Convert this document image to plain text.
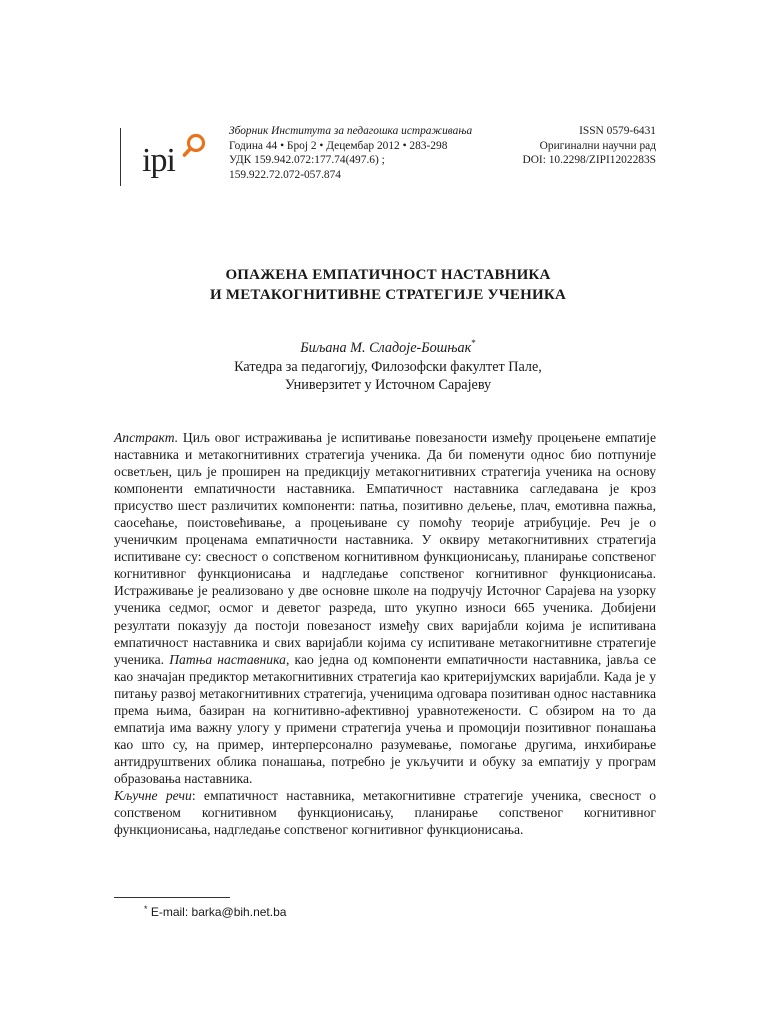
ipi
Зборник Института за педагошка истраживања
Година 44 • Број 2 • Децембар 2012 • 283-298
УДК 159.942.072:177.74(497.6) ;
159.922.72.072-057.874
ISSN 0579-6431
Оригинални научни рад
DOI: 10.2298/ZIPI1202283S
ОПАЖЕНА ЕМПАТИЧНОСТ НАСТАВНИКА
И МЕТАКОГНИТИВНЕ СТРАТЕГИЈЕ УЧЕНИКА
Биљана М. Сладоје-Бошњак*
Катедра за педагогију, Филозофски факултет Пале,
Универзитет у Источном Сарајеву
Апстракт. Циљ овог истраживања је испитивање повезаности између процењене емпатије наставника и метакогнитивних стратегија ученика. Да би поменути однос био потпуније осветљен, циљ је проширен на предикцију метакогнитивних стратегија ученика на основу компоненти емпатичности наставника. Емпатичност наставника сагледавана је кроз присуство шест различитих компоненти: патња, позитивно дељење, плач, емотивна пажња, саосећање, поистовећивање, а процењиване су помоћу теорије атрибуције. Реч је о ученичким проценама емпатичности наставника. У оквиру метакогнитивних стратегија испитиване су: свесност о сопственом когнитивном функционисању, планирање сопственог когнитивног функционисања и надгледање сопственог когнитивног функционисања. Истраживање је реализовано у две основне школе на подручју Источног Сарајева на узорку ученика седмог, осмог и деветог разреда, што укупно износи 665 ученика. Добијени резултати показују да постоји повезаност између свих варијабли којима је испитивана емпатичност наставника и свих варијабли којима су испитиване метакогнитивне стратегије ученика. Патња наставника, као једна од компоненти емпатичности наставника, јавља се као значајан предиктор метакогнитивних стратегија као критеријумских варијабли. Када је у питању развој метакогнитивних стратегија, ученицима одговара позитиван однос наставника према њима, базиран на когнитивно-афективној уравнотежености. С обзиром на то да емпатија има важну улогу у примени стратегија учења и промоцији позитивног понашања као што су, на пример, интерперсонално разумевање, помогање другима, инхибирање антидруштвених облика понашања, потребно је укључити и обуку за емпатију у програм образовања наставника.
Кључне речи: емпатичност наставника, метакогнитивне стратегије ученика, свесност о сопственом когнитивном функционисању, планирање сопственог когнитивног функционисања, надгледање сопственог когнитивног функционисања.
* E-mail: barka@bih.net.ba
